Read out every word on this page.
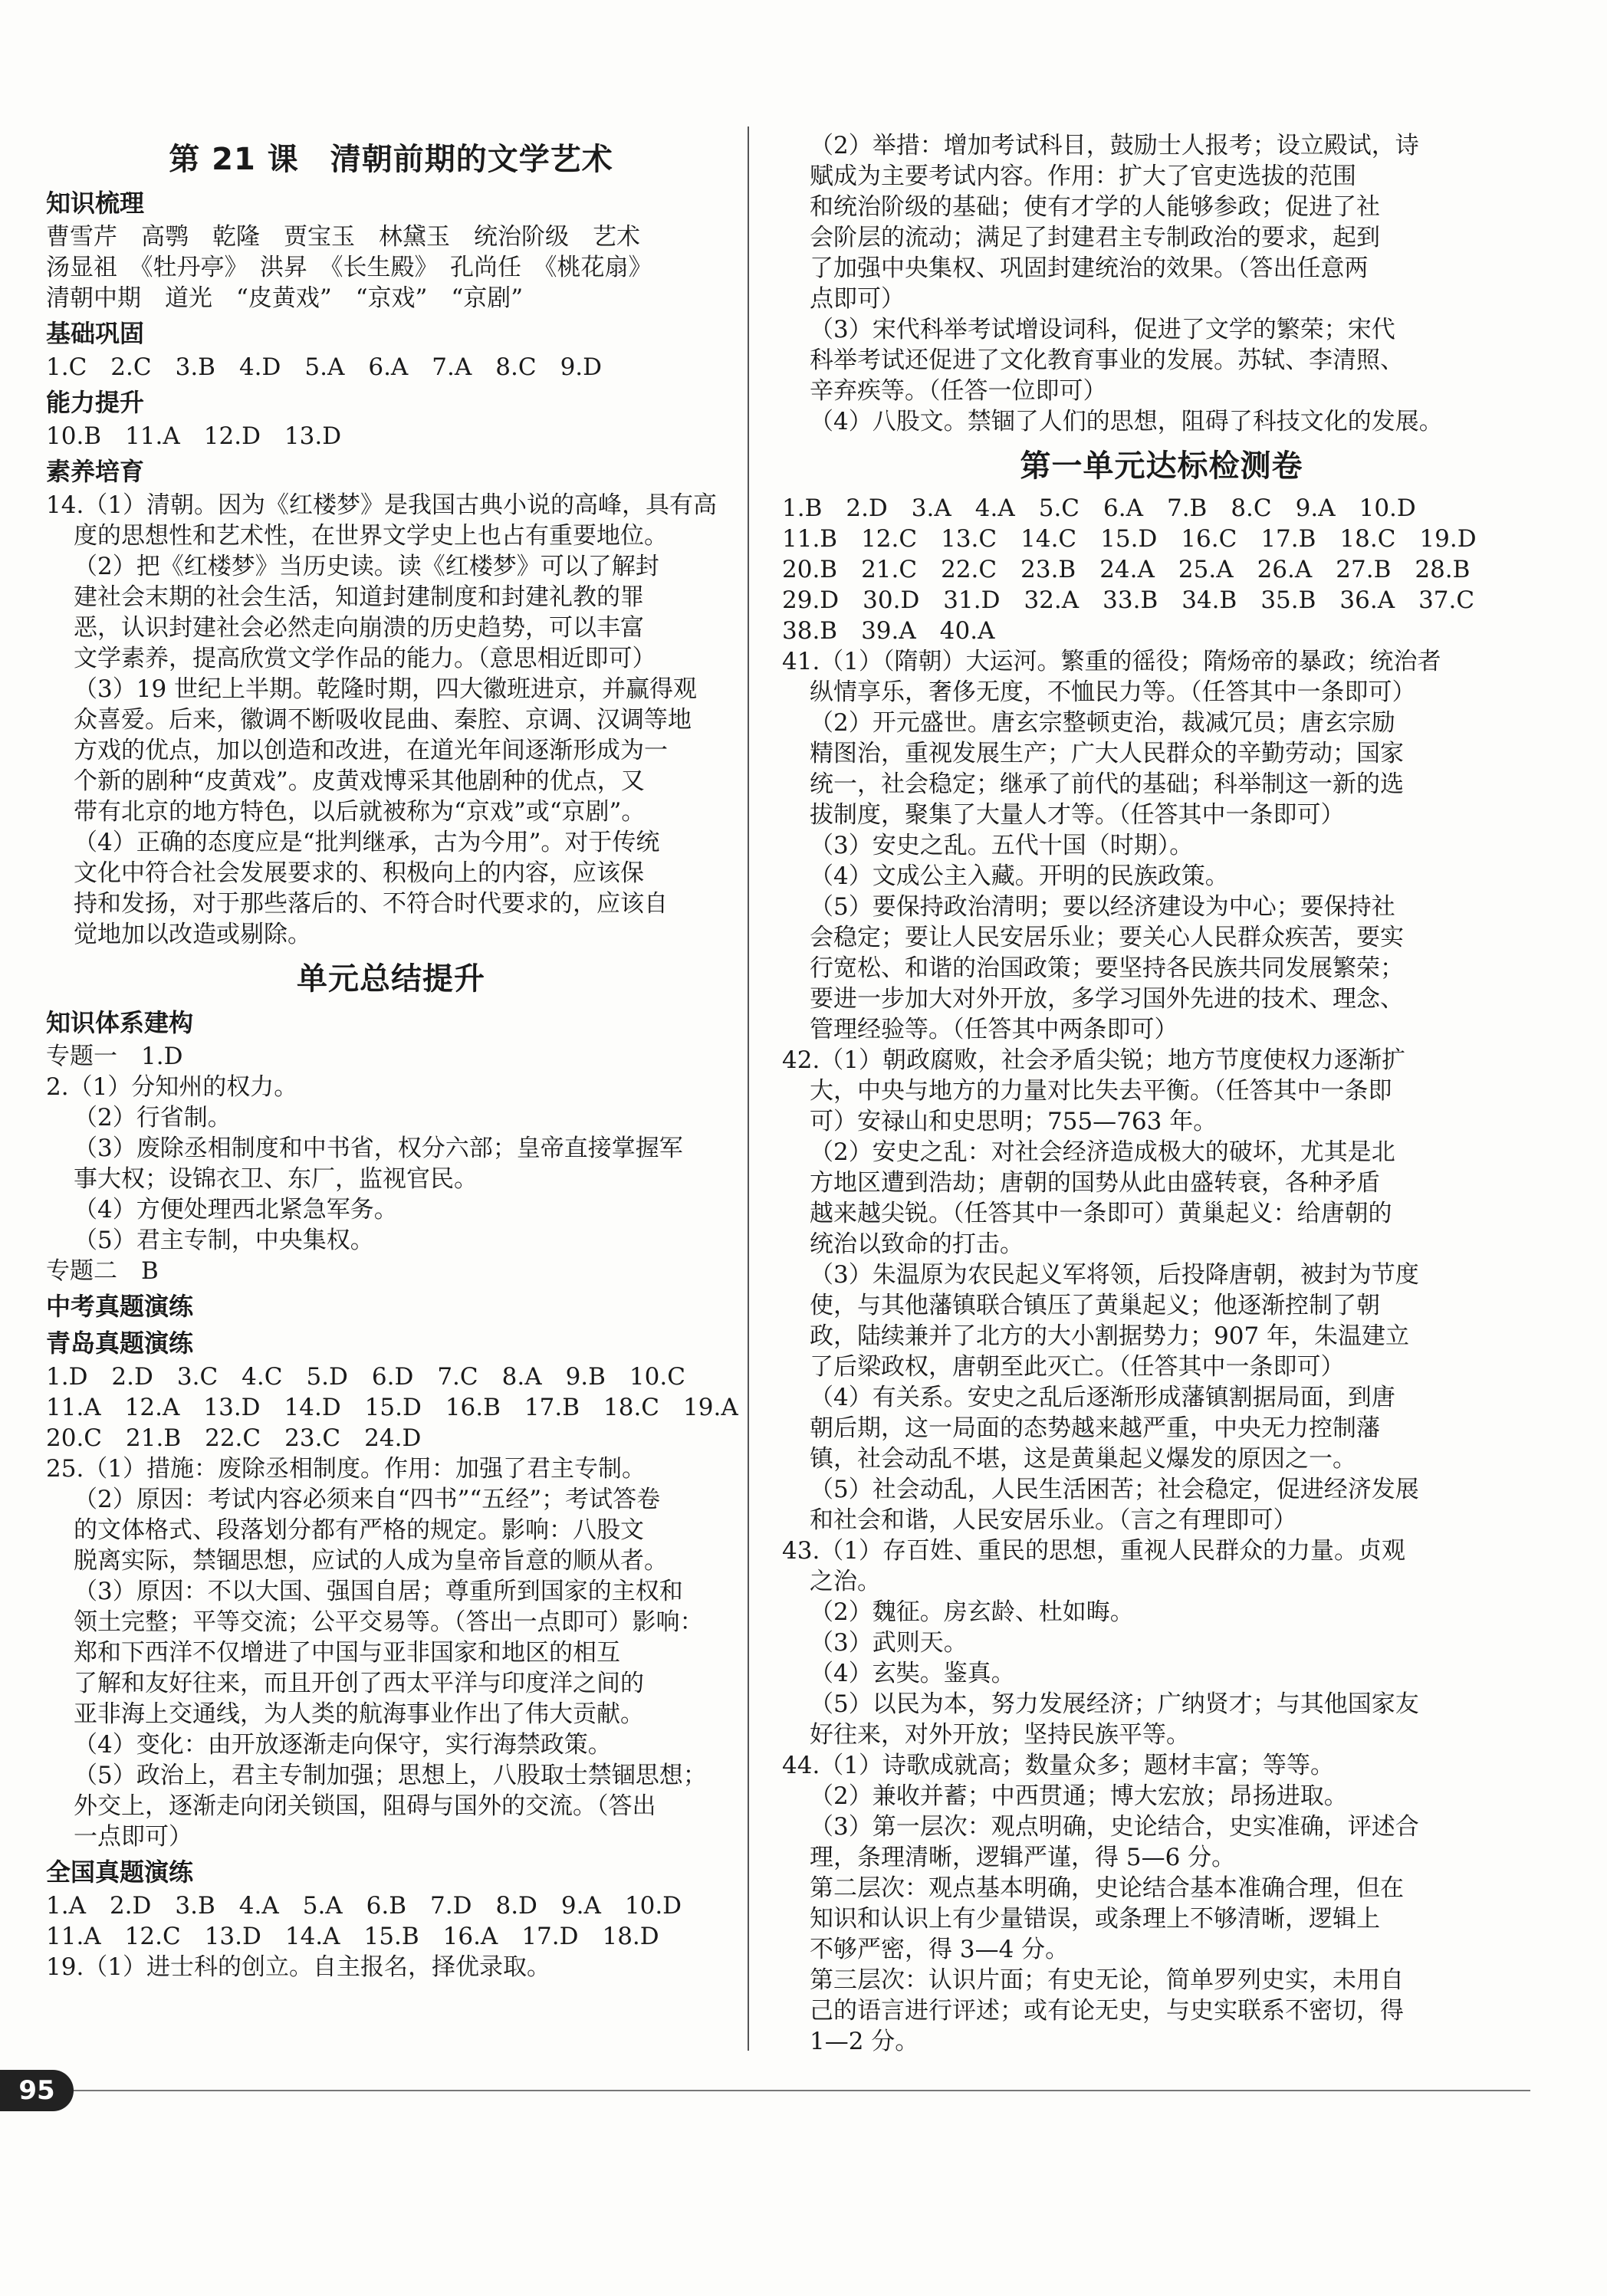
第 21 课　清朝前期的文学艺术
知识梳理
曹雪芹　高鹗　乾隆　贾宝玉　林黛玉　统治阶级　艺术
汤显祖　《牡丹亭》　洪昇　《长生殿》　孔尚任　《桃花扇》
清朝中期　道光　“皮黄戏”　“京戏”　“京剧”
基础巩固
1.C　2.C　3.B　4.D　5.A　6.A　7.A　8.C　9.D
能力提升
10.B　11.A　12.D　13.D
素养培育
14.（1）清朝。因为《红楼梦》是我国古典小说的高峰，具有高
度的思想性和艺术性，在世界文学史上也占有重要地位。
（2）把《红楼梦》当历史读。读《红楼梦》可以了解封
建社会末期的社会生活，知道封建制度和封建礼教的罪
恶，认识封建社会必然走向崩溃的历史趋势，可以丰富
文学素养，提高欣赏文学作品的能力。（意思相近即可）
（3）19 世纪上半期。乾隆时期，四大徽班进京，并赢得观
众喜爱。后来，徽调不断吸收昆曲、秦腔、京调、汉调等地
方戏的优点，加以创造和改进，在道光年间逐渐形成为一
个新的剧种“皮黄戏”。皮黄戏博采其他剧种的优点，又
带有北京的地方特色，以后就被称为“京戏”或“京剧”。
（4）正确的态度应是“批判继承，古为今用”。对于传统
文化中符合社会发展要求的、积极向上的内容，应该保
持和发扬，对于那些落后的、不符合时代要求的，应该自
觉地加以改造或剔除。
单元总结提升
知识体系建构
专题一　1.D
2.（1）分知州的权力。
（2）行省制。
（3）废除丞相制度和中书省，权分六部；皇帝直接掌握军
事大权；设锦衣卫、东厂，监视官民。
（4）方便处理西北紧急军务。
（5）君主专制，中央集权。
专题二　B
中考真题演练
青岛真题演练
1.D　2.D　3.C　4.C　5.D　6.D　7.C　8.A　9.B　10.C
11.A　12.A　13.D　14.D　15.D　16.B　17.B　18.C　19.A
20.C　21.B　22.C　23.C　24.D
25.（1）措施：废除丞相制度。作用：加强了君主专制。
（2）原因：考试内容必须来自“四书”“五经”；考试答卷
的文体格式、段落划分都有严格的规定。影响：八股文
脱离实际，禁锢思想，应试的人成为皇帝旨意的顺从者。
（3）原因：不以大国、强国自居；尊重所到国家的主权和
领土完整；平等交流；公平交易等。（答出一点即可）影响：
郑和下西洋不仅增进了中国与亚非国家和地区的相互
了解和友好往来，而且开创了西太平洋与印度洋之间的
亚非海上交通线，为人类的航海事业作出了伟大贡献。
（4）变化：由开放逐渐走向保守，实行海禁政策。
（5）政治上，君主专制加强；思想上，八股取士禁锢思想；
外交上，逐渐走向闭关锁国，阻碍与国外的交流。（答出
一点即可）
全国真题演练
1.A　2.D　3.B　4.A　5.A　6.B　7.D　8.D　9.A　10.D
11.A　12.C　13.D　14.A　15.B　16.A　17.D　18.D
19.（1）进士科的创立。自主报名，择优录取。
（2）举措：增加考试科目，鼓励士人报考；设立殿试，诗
赋成为主要考试内容。作用：扩大了官吏选拔的范围
和统治阶级的基础；使有才学的人能够参政；促进了社
会阶层的流动；满足了封建君主专制政治的要求，起到
了加强中央集权、巩固封建统治的效果。（答出任意两
点即可）
（3）宋代科举考试增设词科，促进了文学的繁荣；宋代
科举考试还促进了文化教育事业的发展。苏轼、李清照、
辛弃疾等。（任答一位即可）
（4）八股文。禁锢了人们的思想，阻碍了科技文化的发展。
第一单元达标检测卷
1.B　2.D　3.A　4.A　5.C　6.A　7.B　8.C　9.A　10.D
11.B　12.C　13.C　14.C　15.D　16.C　17.B　18.C　19.D
20.B　21.C　22.C　23.B　24.A　25.A　26.A　27.B　28.B
29.D　30.D　31.D　32.A　33.B　34.B　35.B　36.A　37.C
38.B　39.A　40.A
41.（1）（隋朝）大运河。繁重的徭役；隋炀帝的暴政；统治者
纵情享乐，奢侈无度，不恤民力等。（任答其中一条即可）
（2）开元盛世。唐玄宗整顿吏治，裁减冗员；唐玄宗励
精图治，重视发展生产；广大人民群众的辛勤劳动；国家
统一，社会稳定；继承了前代的基础；科举制这一新的选
拔制度，聚集了大量人才等。（任答其中一条即可）
（3）安史之乱。五代十国（时期）。
（4）文成公主入藏。开明的民族政策。
（5）要保持政治清明；要以经济建设为中心；要保持社
会稳定；要让人民安居乐业；要关心人民群众疾苦，要实
行宽松、和谐的治国政策；要坚持各民族共同发展繁荣；
要进一步加大对外开放，多学习国外先进的技术、理念、
管理经验等。（任答其中两条即可）
42.（1）朝政腐败，社会矛盾尖锐；地方节度使权力逐渐扩
大，中央与地方的力量对比失去平衡。（任答其中一条即
可）安禄山和史思明；755—763 年。
（2）安史之乱：对社会经济造成极大的破坏，尤其是北
方地区遭到浩劫；唐朝的国势从此由盛转衰，各种矛盾
越来越尖锐。（任答其中一条即可）黄巢起义：给唐朝的
统治以致命的打击。
（3）朱温原为农民起义军将领，后投降唐朝，被封为节度
使，与其他藩镇联合镇压了黄巢起义；他逐渐控制了朝
政，陆续兼并了北方的大小割据势力；907 年，朱温建立
了后梁政权，唐朝至此灭亡。（任答其中一条即可）
（4）有关系。安史之乱后逐渐形成藩镇割据局面，到唐
朝后期，这一局面的态势越来越严重，中央无力控制藩
镇，社会动乱不堪，这是黄巢起义爆发的原因之一。
（5）社会动乱，人民生活困苦；社会稳定，促进经济发展
和社会和谐，人民安居乐业。（言之有理即可）
43.（1）存百姓、重民的思想，重视人民群众的力量。贞观
之治。
（2）魏征。房玄龄、杜如晦。
（3）武则天。
（4）玄奘。鉴真。
（5）以民为本，努力发展经济；广纳贤才；与其他国家友
好往来，对外开放；坚持民族平等。
44.（1）诗歌成就高；数量众多；题材丰富；等等。
（2）兼收并蓄；中西贯通；博大宏放；昂扬进取。
（3）第一层次：观点明确，史论结合，史实准确，评述合
理，条理清晰，逻辑严谨，得 5—6 分。
第二层次：观点基本明确，史论结合基本准确合理，但在
知识和认识上有少量错误，或条理上不够清晰，逻辑上
不够严密，得 3—4 分。
第三层次：认识片面；有史无论，简单罗列史实，未用自
己的语言进行评述；或有论无史，与史实联系不密切，得
1—2 分。
95
